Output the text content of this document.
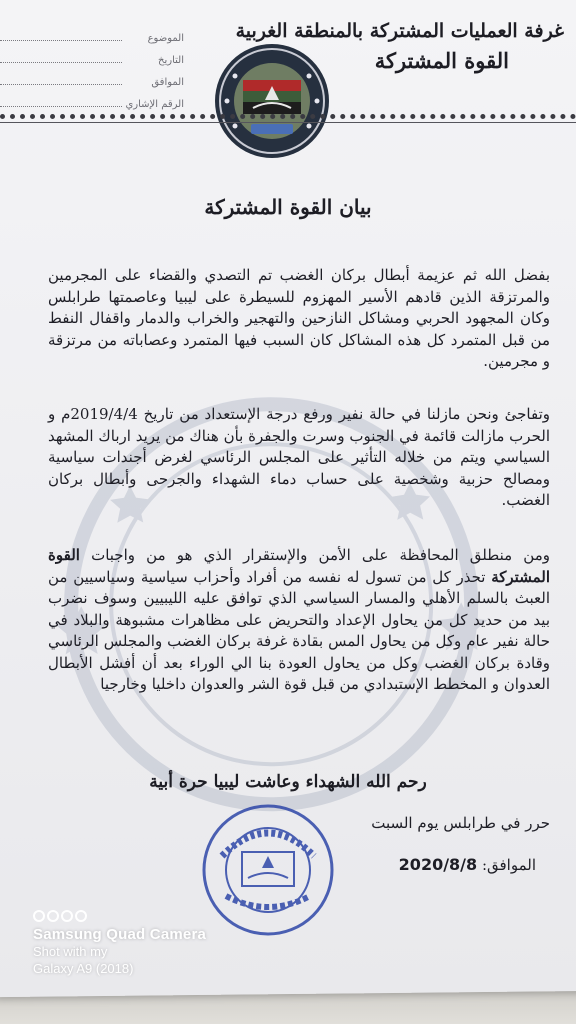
غرفة العمليات المشتركة بالمنطقة الغربية
القوة المشتركة
الموضوع
التاريخ
الموافق
الرقم الإشاري
بيان القوة المشتركة
بفضل الله ثم عزيمة أبطال بركان الغضب تم التصدي والقضاء على المجرمين والمرتزقة الذين قادهم الأسير المهزوم للسيطرة على ليبيا وعاصمتها طرابلس وكان المجهود الحربي ومشاكل النازحين والتهجير والخراب والدمار واقفال النفط من قبل المتمرد كل هذه المشاكل كان السبب فيها المتمرد وعصاباته من مرتزقة و مجرمين.
وتفاجئ ونحن مازلنا في حالة نفير ورفع درجة الإستعداد من تاريخ 2019/4/4م و الحرب مازالت قائمة في الجنوب وسرت والجفرة بأن هناك من يريد ارباك المشهد السياسي ويتم من خلاله التأثير على المجلس الرئاسي لغرض أجندات سياسية ومصالح حزبية وشخصية على حساب دماء الشهداء والجرحى وأبطال بركان الغضب.
ومن منطلق المحافظة على الأمن والإستقرار الذي هو من واجبات القوة المشتركة تحذر كل من تسول له نفسه من أفراد وأحزاب سياسية وسياسيين من العبث بالسلم الأهلي والمسار السياسي الذي توافق عليه الليبيين وسوف نضرب بيد من حديد كل من يحاول الإعداد والتحريض على مظاهرات مشبوهة والبلاد في حالة نفير عام وكل من يحاول المس بقادة غرفة بركان الغضب والمجلس الرئاسي وقادة بركان الغضب وكل من يحاول العودة بنا الي الوراء بعد أن أفشل الأبطال العدوان و المخطط الإستبدادي من قبل قوة الشر والعدوان داخليا وخارجيا
رحم الله الشهداء وعاشت ليبيا حرة أبية
حرر في طرابلس يوم السبت
الموافق: 2020/8/8
Samsung Quad Camera
Shot with my
Galaxy A9 (2018)
